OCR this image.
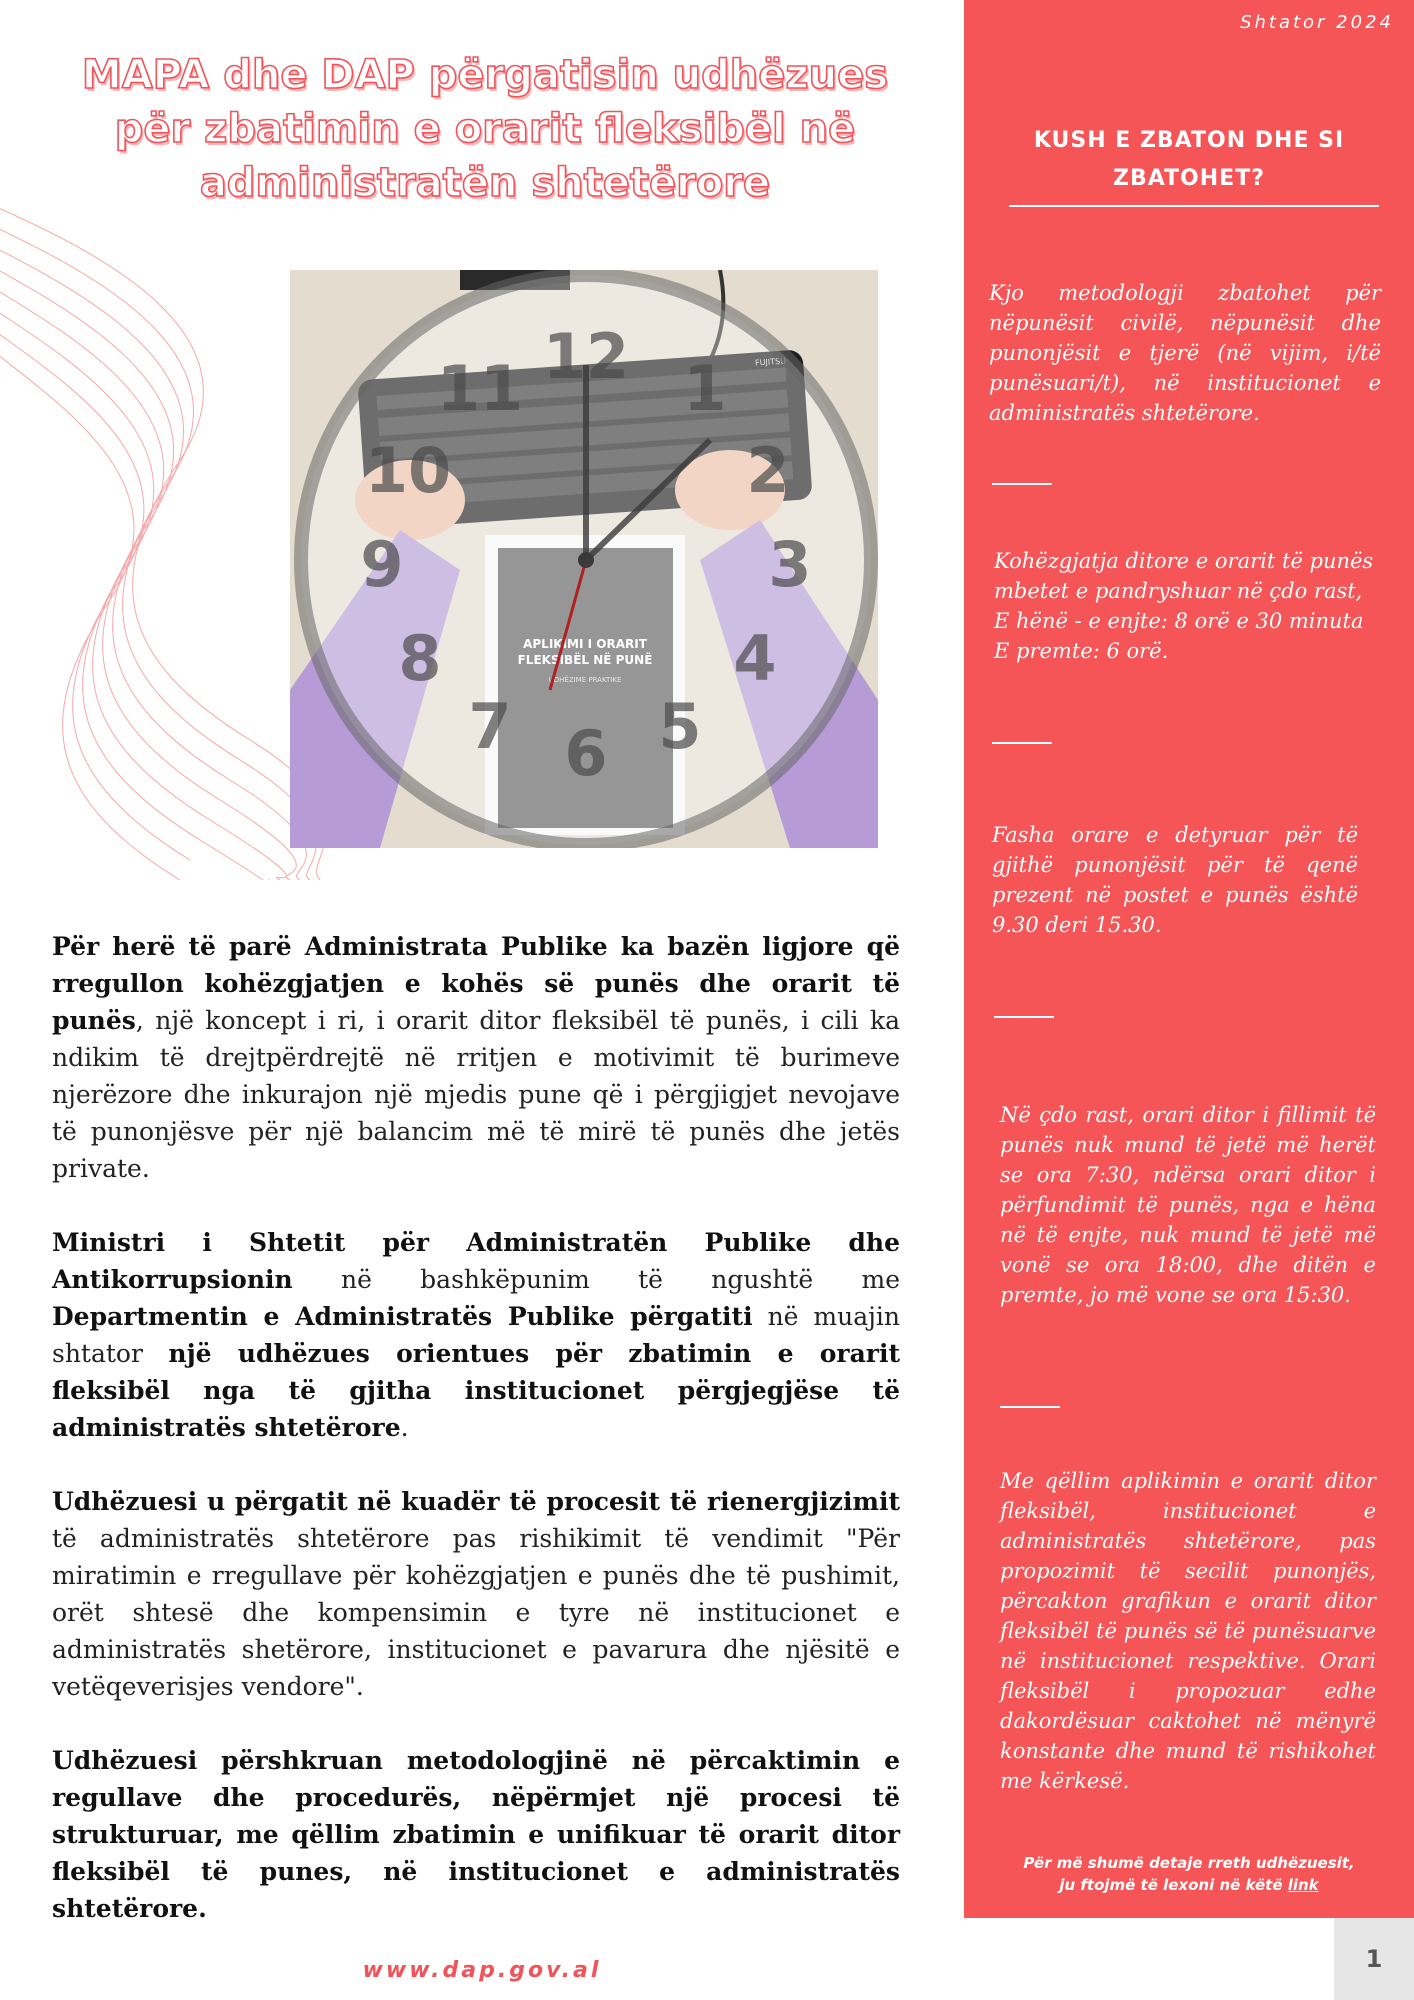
MAPA dhe DAP përgatisin udhëzues për zbatimin e orarit fleksibël në administratën shtetërore
12 1
2
3
4
5
6
7
8
9
10
11

Për herë të parë Administrata Publike ka bazën ligjore që rregullon kohëzgjatjen e kohës së punës dhe orarit të punës, një koncept i ri, i orarit ditor fleksibël të punës, i cili ka ndikim të drejtpërdrejtë në rritjen e motivimit të burimeve njerëzore dhe inkurajon një mjedis pune që i përgjigjet nevojave të punonjësve për një balancim më të mirë të punës dhe jetës private.

Ministri i Shtetit për Administratën Publike dhe Antikorrupsionin në bashkëpunim të ngushtë me Departmentin e Administratës Publike përgatiti në muajin shtator një udhëzues orientues për zbatimin e orarit fleksibël nga të gjitha institucionet përgjegjëse të administratës shtetërore.

Udhëzuesi u përgatit në kuadër të procesit të rienergjizimit të administratës shtetërore pas rishikimit të vendimit "Për miratimin e rregullave për kohëzgjatjen e punës dhe të pushimit, orët shtesë dhe kompensimin e tyre në institucionet e administratës shetërore, institucionet e pavarura dhe njësitë e vetëqeverisjes vendore".

Udhëzuesi përshkruan metodologjinë në përcaktimin e regullave dhe procedurës, nëpërmjet një procesi të strukturuar, me qëllim zbatimin e unifikuar të orarit ditor fleksibël të punes, në institucionet e administratës shtetërore.

Shtator 2024
KUSH E ZBATON DHE SI ZBATOHET?
Kjo metodologji zbatohet për nëpunësit civilë, nëpunësit dhe punonjësit e tjerë (në vijim, i/të punësuari/t), në institucionet e administratës shtetërore.
Kohëzgjatja ditore e orarit të punës mbetet e pandryshuar në çdo rast, E hënë - e enjte: 8 orë e 30 minuta E premte: 6 orë.
Fasha orare e detyruar për të gjithë punonjësit për të qenë prezent në postet e punës është 9.30 deri 15.30.
Në çdo rast, orari ditor i fillimit të punës nuk mund të jetë më herët se ora 7:30, ndërsa orari ditor i përfundimit të punës, nga e hëna në të enjte, nuk mund të jetë më vonë se ora 18:00, dhe ditën e premte, jo më vone se ora 15:30.
Me qëllim aplikimin e orarit ditor fleksibël, institucionet e administratës shtetërore, pas propozimit të secilit punonjës, përcakton grafikun e orarit ditor fleksibël të punës së të punësuarve në institucionet respektive. Orari fleksibël i propozuar edhe dakordësuar caktohet në mënyrë konstante dhe mund të rishikohet me kërkesë.
Për më shumë detaje rreth udhëzuesit,
ju ftojmë të lexoni në këtë link
www.dap.gov.al	1
